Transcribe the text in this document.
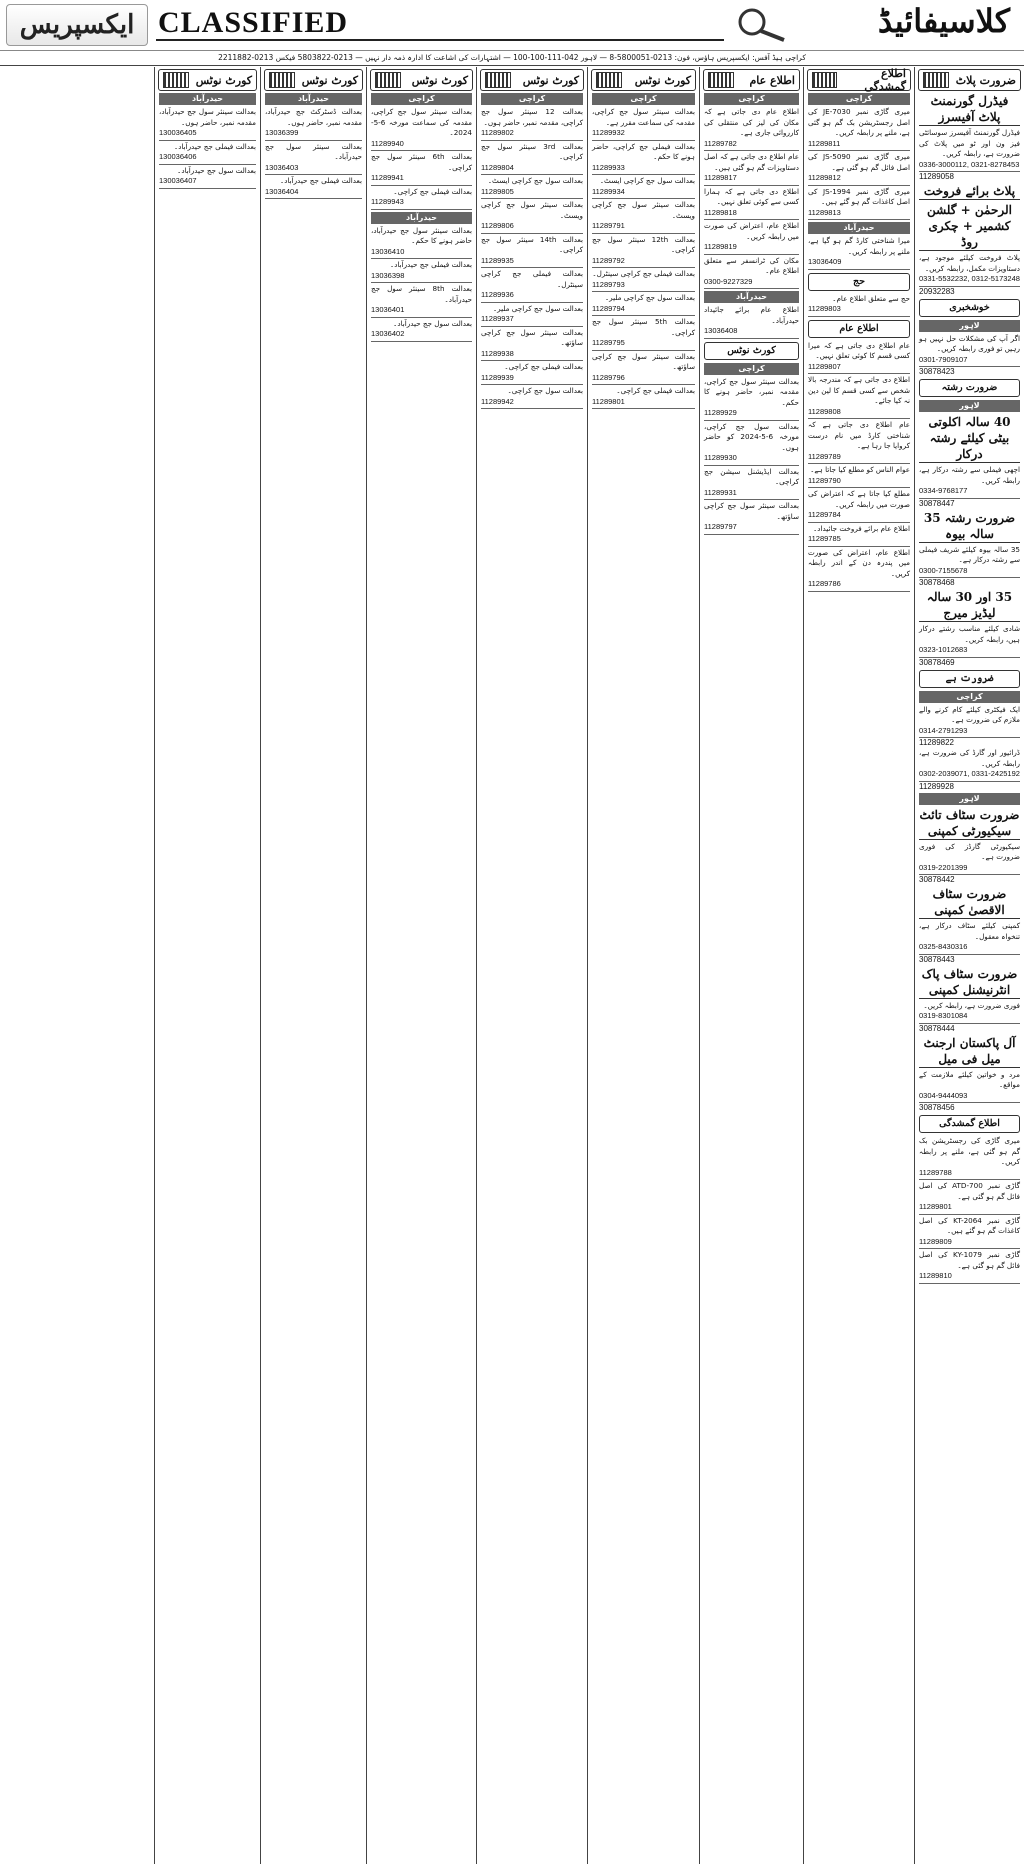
ایکسپریس CLASSIFIED	کلاسیفائیڈ
کراچی ہیڈ آفس: ایکسپریس ہاؤس، فون: 0213-5800051-8 — لاہور 042-111-100-100 — اشتہارات کی اشاعت کا ادارہ ذمہ دار نہیں — 0213-5803822 فیکس 0213-2211882
ضرورت پلاٹ
فیڈرل گورنمنٹ پلاٹ آفیسرز
فیڈرل گورنمنٹ آفیسرز سوسائٹی فیز ون اور ٹو میں پلاٹ کی ضرورت ہے، رابطہ کریں۔
0336-3000112, 0321-8278453
11289058
پلاٹ برائے فروخت
الرحمٰن + گلشن کشمیر + چکری روڈ
پلاٹ فروخت کیلئے موجود ہے، دستاویزات مکمل، رابطہ کریں۔
0331-5532232, 0312-5173248
20932283
خوشخبری
لاہور
اگر آپ کی مشکلات حل نہیں ہو رہیں تو فوری رابطہ کریں۔
0301-7909107
30878423
ضرورت رشتہ
لاہور
40 سالہ اکلوتی بیٹی کیلئے رشتہ درکار
اچھی فیملی سے رشتہ درکار ہے، رابطہ کریں۔
0334-9768177
30878447
ضرورت رشتہ 35 سالہ بیوہ
35 سالہ بیوہ کیلئے شریف فیملی سے رشتہ درکار ہے۔
0300-7155678
30878468
35 اور 30 سالہ لیڈیز میرج
شادی کیلئے مناسب رشتے درکار ہیں، رابطہ کریں۔
0323-1012683
30878469
ضرورت ہے
کراچی
ایک فیکٹری کیلئے کام کرنے والے ملازم کی ضرورت ہے۔
0314-2791293
11289822
ڈرائیور اور گارڈ کی ضرورت ہے، رابطہ کریں۔
0302-2039071, 0331-2425192
11289928
لاہور
ضرورت سٹاف تائٹ سیکیورٹی کمپنی
سیکیورٹی گارڈز کی فوری ضرورت ہے۔
0319-2201399
30878442
ضرورت سٹاف الاقصیٰ کمپنی
کمپنی کیلئے سٹاف درکار ہے، تنخواہ معقول۔
0325-8430316
30878443
ضرورت سٹاف پاک انٹرنیشنل کمپنی
فوری ضرورت ہے، رابطہ کریں۔
0319-8301084
30878444
آل پاکستان ارجنٹ میل فی میل
مرد و خواتین کیلئے ملازمت کے مواقع۔
0304-9444093
30878456
اطلاع گمشدگی
میری گاڑی کی رجسٹریشن بک گم ہو گئی ہے، ملنے پر رابطہ کریں۔
11289788
گاڑی نمبر ATD-700 کی اصل فائل گم ہو گئی ہے۔
11289801
گاڑی نمبر KT-2064 کی اصل کاغذات گم ہو گئے ہیں۔
11289809
گاڑی نمبر KY-1079 کی اصل فائل گم ہو گئی ہے۔
11289810
اطلاع گمشدگی
کراچی
میری گاڑی نمبر JE-7030 کی اصل رجسٹریشن بک گم ہو گئی ہے، ملنے پر رابطہ کریں۔
11289811
میری گاڑی نمبر JS-5090 کی اصل فائل گم ہو گئی ہے۔
11289812
میری گاڑی نمبر JS-1994 کی اصل کاغذات گم ہو گئے ہیں۔
11289813
حیدرآباد
میرا شناختی کارڈ گم ہو گیا ہے، ملنے پر رابطہ کریں۔
13036409
حج
حج سے متعلق اطلاع عام۔
11289803
اطلاع عام
عام اطلاع دی جاتی ہے کہ میرا کسی قسم کا کوئی تعلق نہیں۔
11289807
اطلاع دی جاتی ہے کہ مندرجہ بالا شخص سے کسی قسم کا لین دین نہ کیا جائے۔
11289808
عام اطلاع دی جاتی ہے کہ شناختی کارڈ میں نام درست کروایا جا رہا ہے۔
11289789
عوام الناس کو مطلع کیا جاتا ہے۔
11289790
مطلع کیا جاتا ہے کہ اعتراض کی صورت میں رابطہ کریں۔
11289784
اطلاع عام برائے فروخت جائیداد۔
11289785
اطلاع عام، اعتراض کی صورت میں پندرہ دن کے اندر رابطہ کریں۔
11289786
اطلاع عام
کراچی
اطلاع عام دی جاتی ہے کہ مکان کی لیز کی منتقلی کی کارروائی جاری ہے۔
11289782
عام اطلاع دی جاتی ہے کہ اصل دستاویزات گم ہو گئی ہیں۔
11289817
اطلاع دی جاتی ہے کہ ہمارا کسی سے کوئی تعلق نہیں۔
11289818
اطلاع عام، اعتراض کی صورت میں رابطہ کریں۔
11289819
مکان کی ٹرانسفر سے متعلق اطلاع عام۔
0300-9227329
حیدرآباد
اطلاع عام برائے جائیداد حیدرآباد۔
13036408
کورٹ نوٹس
کراچی
بعدالت سینئر سول جج کراچی، مقدمہ نمبر، حاضر ہونے کا حکم۔
11289929
بعدالت سول جج کراچی، مورخہ 6-5-2024 کو حاضر ہوں۔
11289930
بعدالت ایڈیشنل سیشن جج کراچی۔
11289931
بعدالت سینئر سول جج کراچی ساؤتھ۔
11289797
کورٹ نوٹس
کراچی
بعدالت سینئر سول جج کراچی، مقدمہ کی سماعت مقرر ہے۔
11289932
بعدالت فیملی جج کراچی، حاضر ہونے کا حکم۔
11289933
بعدالت سول جج کراچی ایسٹ۔
11289934
بعدالت سینئر سول جج کراچی ویسٹ۔
11289791
بعدالت 12th سینئر سول جج کراچی۔
11289792
بعدالت فیملی جج کراچی سینٹرل۔
11289793
بعدالت سول جج کراچی ملیر۔
11289794
بعدالت 5th سینئر سول جج کراچی۔
11289795
بعدالت سینئر سول جج کراچی ساؤتھ۔
11289796
بعدالت فیملی جج کراچی۔
11289801
کورٹ نوٹس
کراچی
بعدالت 12 سینئر سول جج کراچی، مقدمہ نمبر، حاضر ہوں۔
11289802
بعدالت 3rd سینئر سول جج کراچی۔
11289804
بعدالت سول جج کراچی ایسٹ۔
11289805
بعدالت سینئر سول جج کراچی ویسٹ۔
11289806
بعدالت 14th سینئر سول جج کراچی۔
11289935
بعدالت فیملی جج کراچی سینٹرل۔
11289936
بعدالت سول جج کراچی ملیر۔
11289937
بعدالت سینئر سول جج کراچی ساؤتھ۔
11289938
بعدالت فیملی جج کراچی۔
11289939
بعدالت سول جج کراچی۔
11289942
کورٹ نوٹس
کراچی
بعدالت سینئر سول جج کراچی، مقدمہ کی سماعت مورخہ 6-5-2024۔
11289940
بعدالت 6th سینئر سول جج کراچی۔
11289941
بعدالت فیملی جج کراچی۔
11289943
حیدرآباد
بعدالت سینئر سول جج حیدرآباد، حاضر ہونے کا حکم۔
13036410
بعدالت فیملی جج حیدرآباد۔
13036398
بعدالت 8th سینئر سول جج حیدرآباد۔
13036401
بعدالت سول جج حیدرآباد۔
13036402
کورٹ نوٹس
حیدرآباد
بعدالت ڈسٹرکٹ جج حیدرآباد، مقدمہ نمبر، حاضر ہوں۔
13036399
بعدالت سینئر سول جج حیدرآباد۔
13036403
بعدالت فیملی جج حیدرآباد۔
13036404
کورٹ نوٹس
حیدرآباد
بعدالت سینئر سول جج حیدرآباد، مقدمہ نمبر، حاضر ہوں۔
130036405
بعدالت فیملی جج حیدرآباد۔
130036406
بعدالت سول جج حیدرآباد۔
130036407
